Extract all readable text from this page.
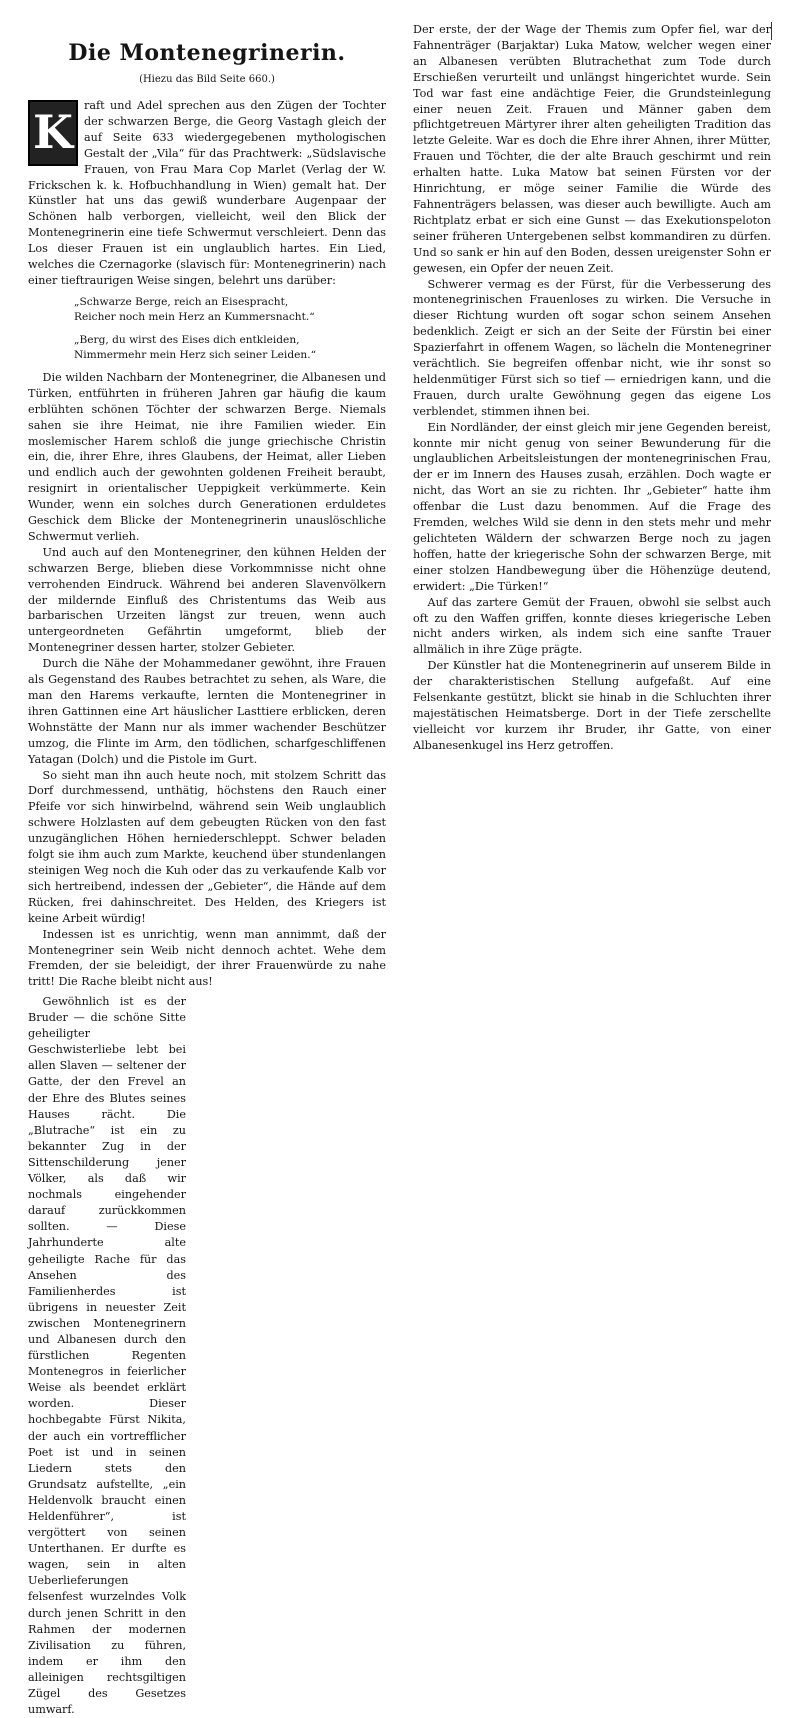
Die Montenegrinerin.
(Hiezu das Bild Seite 660.)

K raft und Adel sprechen aus den Zügen der Tochter der schwarzen Berge, die Georg Vastagh gleich der auf Seite 633 wiedergegebenen mythologischen Gestalt der „Vila“ für das Prachtwerk: „Südslavische Frauen, von Frau Mara Cop Marlet (Verlag der W. Frickschen k. k. Hofbuchhandlung in Wien) gemalt hat. Der Künstler hat uns das gewiß wunderbare Augenpaar der Schönen halb verborgen, vielleicht, weil den Blick der Montenegrinerin eine tiefe Schwermut verschleiert. Denn das Los dieser Frauen ist ein unglaublich hartes. Ein Lied, welches die Czernagorke (slavisch für: Montenegrinerin) nach einer tieftraurigen Weise singen, belehrt uns darüber:

„Schwarze Berge, reich an Eisespracht,

Reicher noch mein Herz an Kummersnacht.“

„Berg, du wirst des Eises dich entkleiden,

Nimmermehr mein Herz sich seiner Leiden.“

Die wilden Nachbarn der Montenegriner, die Albanesen und Türken, entführten in früheren Jahren gar häufig die kaum erblühten schönen Töchter der schwarzen Berge. Niemals sahen sie ihre Heimat, nie ihre Familien wieder. Ein moslemischer Harem schloß die junge griechische Christin ein, die, ihrer Ehre, ihres Glaubens, der Heimat, aller Lieben und endlich auch der gewohnten goldenen Freiheit beraubt, resignirt in orientalischer Ueppigkeit verkümmerte. Kein Wunder, wenn ein solches durch Generationen erduldetes Geschick dem Blicke der Montenegrinerin unauslöschliche Schwermut verlieh.

Und auch auf den Montenegriner, den kühnen Helden der schwarzen Berge, blieben diese Vorkommnisse nicht ohne verrohenden Eindruck. Während bei anderen Slavenvölkern der mildernde Einfluß des Christentums das Weib aus barbarischen Urzeiten längst zur treuen, wenn auch untergeordneten Gefährtin umgeformt, blieb der Montenegriner dessen harter, stolzer Gebieter.

Durch die Nähe der Mohammedaner gewöhnt, ihre Frauen als Gegenstand des Raubes betrachtet zu sehen, als Ware, die man den Harems verkaufte, lernten die Montenegriner in ihren Gattinnen eine Art häuslicher Lasttiere erblicken, deren Wohnstätte der Mann nur als immer wachender Beschützer umzog, die Flinte im Arm, den tödlichen, scharfgeschliffenen Yatagan (Dolch) und die Pistole im Gurt.

So sieht man ihn auch heute noch, mit stolzem Schritt das Dorf durchmessend, unthätig, höchstens den Rauch einer Pfeife vor sich hinwirbelnd, während sein Weib unglaublich schwere Holzlasten auf dem gebeugten Rücken von den fast unzugänglichen Höhen herniederschleppt. Schwer beladen folgt sie ihm auch zum Markte, keuchend über stundenlangen steinigen Weg noch die Kuh oder das zu verkaufende Kalb vor sich hertreibend, indessen der „Gebieter“, die Hände auf dem Rücken, frei dahinschreitet. Des Helden, des Kriegers ist keine Arbeit würdig!

Indessen ist es unrichtig, wenn man annimmt, daß der Montenegriner sein Weib nicht dennoch achtet. Wehe dem Fremden, der sie beleidigt, der ihrer Frauenwürde zu nahe tritt! Die Rache bleibt nicht aus!

Gewöhnlich ist es der Bruder — die schöne Sitte geheiligter Geschwisterliebe lebt bei allen Slaven — seltener der Gatte, der den Frevel an der Ehre des Blutes seines Hauses rächt. Die „Blutrache“ ist ein zu bekannter Zug in der Sittenschilderung jener Völker, als daß wir nochmals eingehender darauf zurückkommen sollten. — Diese Jahrhunderte alte geheiligte Rache für das Ansehen des Familienherdes ist übrigens in neuester Zeit zwischen Montenegrinern und Albanesen durch den fürstlichen Regenten Montenegros in feierlicher Weise als beendet erklärt worden. Dieser hochbegabte Fürst Nikita, der auch ein vortrefflicher Poet ist und in seinen Liedern stets den Grundsatz aufstellte, „ein Heldenvolk braucht einen Heldenführer“, ist vergöttert von seinen Unterthanen. Er durfte es wagen, sein in alten Ueberlieferungen felsenfest wurzelndes Volk durch jenen Schritt in den Rahmen der modernen Zivilisation zu führen, indem er ihm den alleinigen rechtsgiltigen Zügel des Gesetzes umwarf.

Der erste, der der Wage der Themis zum Opfer fiel, war der Fahnenträger (Barjaktar) Luka Matow, welcher wegen einer an Albanesen verübten Blutrachethat zum Tode durch Erschießen verurteilt und unlängst hingerichtet wurde. Sein Tod war fast eine andächtige Feier, die Grundsteinlegung einer neuen Zeit. Frauen und Männer gaben dem pflichtgetreuen Märtyrer ihrer alten geheiligten Tradition das letzte Geleite. War es doch die Ehre ihrer Ahnen, ihrer Mütter, Frauen und Töchter, die der alte Brauch geschirmt und rein erhalten hatte. Luka Matow bat seinen Fürsten vor der Hinrichtung, er möge seiner Familie die Würde des Fahnenträgers belassen, was dieser auch bewilligte. Auch am Richtplatz erbat er sich eine Gunst — das Exekutionspeloton seiner früheren Untergebenen selbst kommandiren zu dürfen. Und so sank er hin auf den Boden, dessen ureigenster Sohn er gewesen, ein Opfer der neuen Zeit.

Schwerer vermag es der Fürst, für die Verbesserung des montenegrinischen Frauenloses zu wirken. Die Versuche in dieser Richtung wurden oft sogar schon seinem Ansehen bedenklich. Zeigt er sich an der Seite der Fürstin bei einer Spazierfahrt in offenem Wagen, so lächeln die Montenegriner verächtlich. Sie begreifen offenbar nicht, wie ihr sonst so heldenmütiger Fürst sich so tief — erniedrigen kann, und die Frauen, durch uralte Gewöhnung gegen das eigene Los verblendet, stimmen ihnen bei.

Ein Nordländer, der einst gleich mir jene Gegenden bereist, konnte mir nicht genug von seiner Bewunderung für die unglaublichen Arbeitsleistungen der montenegrinischen Frau, der er im Innern des Hauses zusah, erzählen. Doch wagte er nicht, das Wort an sie zu richten. Ihr „Gebieter“ hatte ihm offenbar die Lust dazu benommen. Auf die Frage des Fremden, welches Wild sie denn in den stets mehr und mehr gelichteten Wäldern der schwarzen Berge noch zu jagen hoffen, hatte der kriegerische Sohn der schwarzen Berge, mit einer stolzen Handbewegung über die Höhenzüge deutend, erwidert: „Die Türken!“

Auf das zartere Gemüt der Frauen, obwohl sie selbst auch oft zu den Waffen griffen, konnte dieses kriegerische Leben nicht anders wirken, als indem sich eine sanfte Trauer allmälich in ihre Züge prägte.

Der Künstler hat die Montenegrinerin auf unserem Bilde in der charakteristischen Stellung aufgefaßt. Auf eine Felsenkante gestützt, blickt sie hinab in die Schluchten ihrer majestätischen Heimatsberge. Dort in der Tiefe zerschellte vielleicht vor kurzem ihr Bruder, ihr Gatte, von einer Albanesenkugel ins Herz getroffen.
